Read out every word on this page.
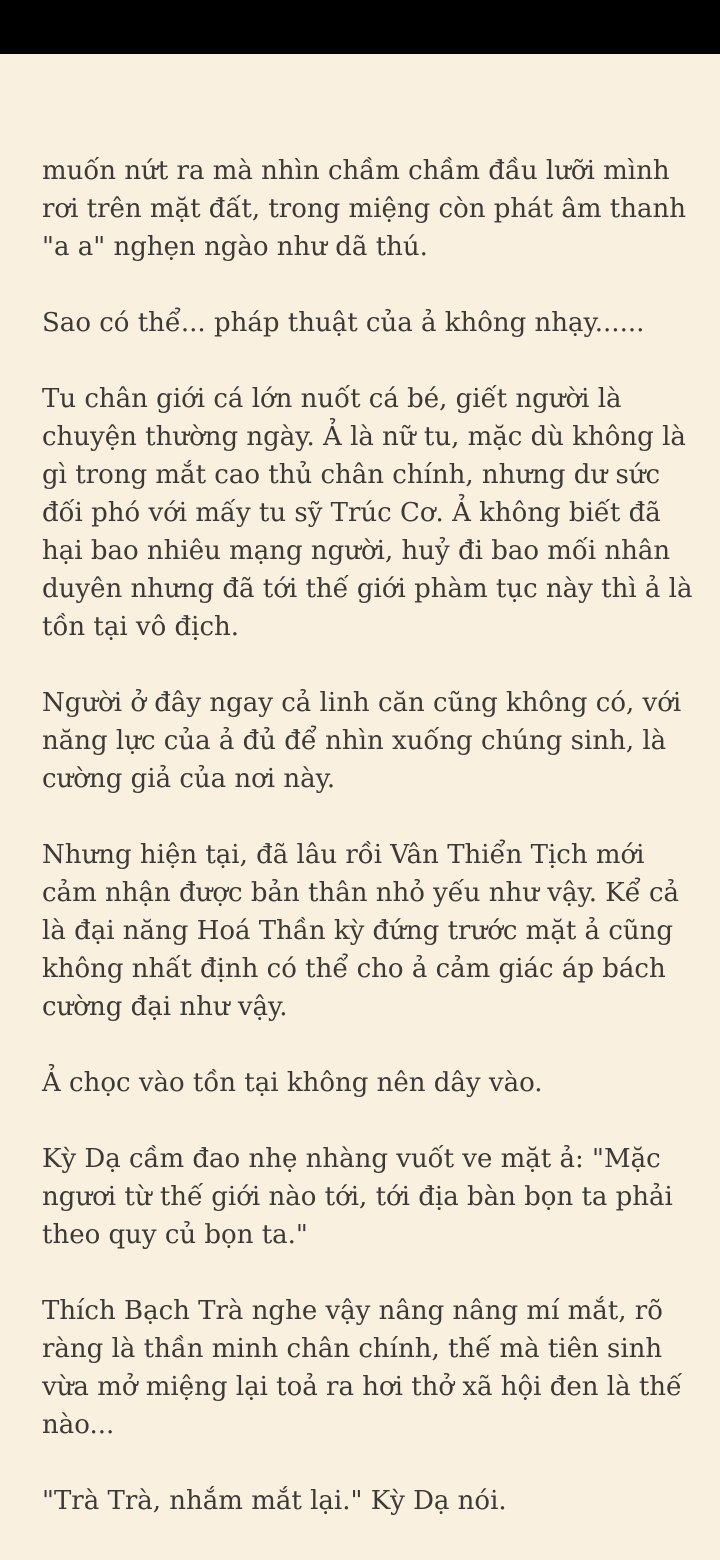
muốn nứt ra mà nhìn chầm chầm đầu lưỡi mình
rơi trên mặt đất, trong miệng còn phát âm thanh
"a a" nghẹn ngào như dã thú.

Sao có thể... pháp thuật của ả không nhạy......

Tu chân giới cá lớn nuốt cá bé, giết người là
chuyện thường ngày. Ả là nữ tu, mặc dù không là
gì trong mắt cao thủ chân chính, nhưng dư sức
đối phó với mấy tu sỹ Trúc Cơ. Ả không biết đã
hại bao nhiêu mạng người, huỷ đi bao mối nhân
duyên nhưng đã tới thế giới phàm tục này thì ả là
tồn tại vô địch.

Người ở đây ngay cả linh căn cũng không có, với
năng lực của ả đủ để nhìn xuống chúng sinh, là
cường giả của nơi này.

Nhưng hiện tại, đã lâu rồi Vân Thiển Tịch mới
cảm nhận được bản thân nhỏ yếu như vậy. Kể cả
là đại năng Hoá Thần kỳ đứng trước mặt ả cũng
không nhất định có thể cho ả cảm giác áp bách
cường đại như vậy.

Ả chọc vào tồn tại không nên dây vào.

Kỳ Dạ cầm đao nhẹ nhàng vuốt ve mặt ả: "Mặc
ngươi từ thế giới nào tới, tới địa bàn bọn ta phải
theo quy củ bọn ta."

Thích Bạch Trà nghe vậy nâng nâng mí mắt, rõ
ràng là thần minh chân chính, thế mà tiên sinh
vừa mở miệng lại toả ra hơi thở xã hội đen là thế
nào...

"Trà Trà, nhắm mắt lại." Kỳ Dạ nói.
